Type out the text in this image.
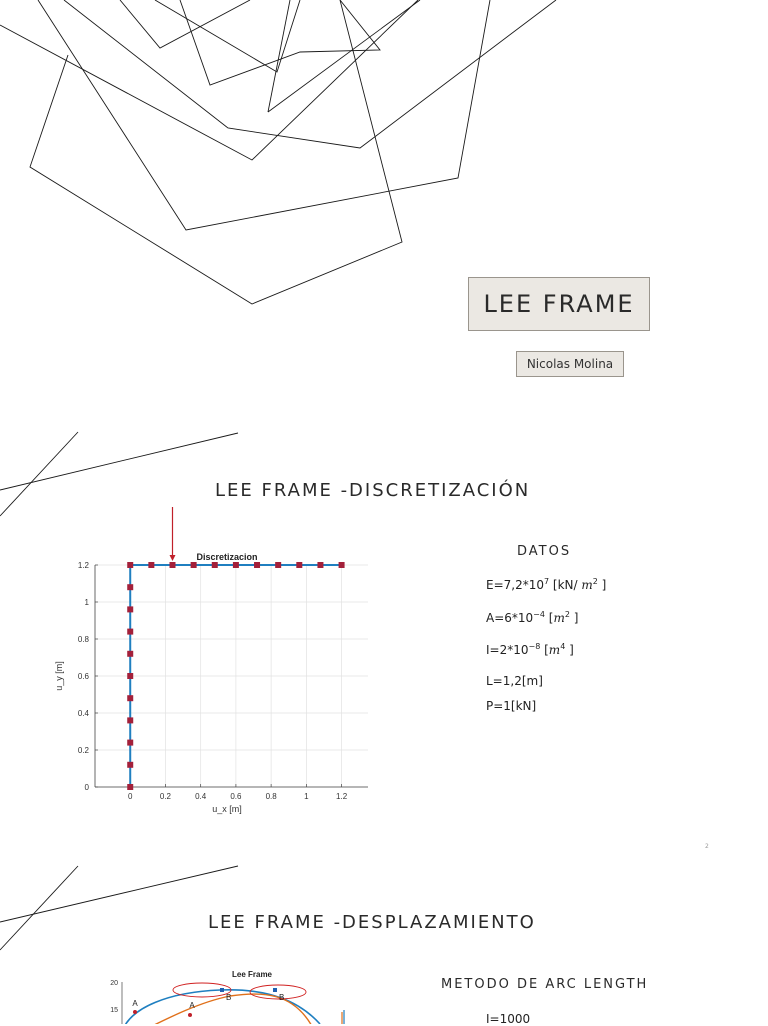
LEE FRAME
Nicolas Molina
LEE FRAME -DISCRETIZACIÓN
0	0.2	0.4	0.6	0.8	1	1.2
0
0.2
0.4
0.6
0.8
1
1.2
Discretizacion
u_x [m]
u_y [m]
DATOS
$E=7,2*10^7$ [kN/ $m^2$ ]
$A=6*10^{-4}$ [$m^2$ ]
$I=2*10^{-8}$ [$m^4$ ]
L=1,2[m]
P=1[kN]
2
LEE FRAME -DESPLAZAMIENTO
Lee Frame
20
15
A
B
A
B
METODO DE ARC LENGTH
I=1000
